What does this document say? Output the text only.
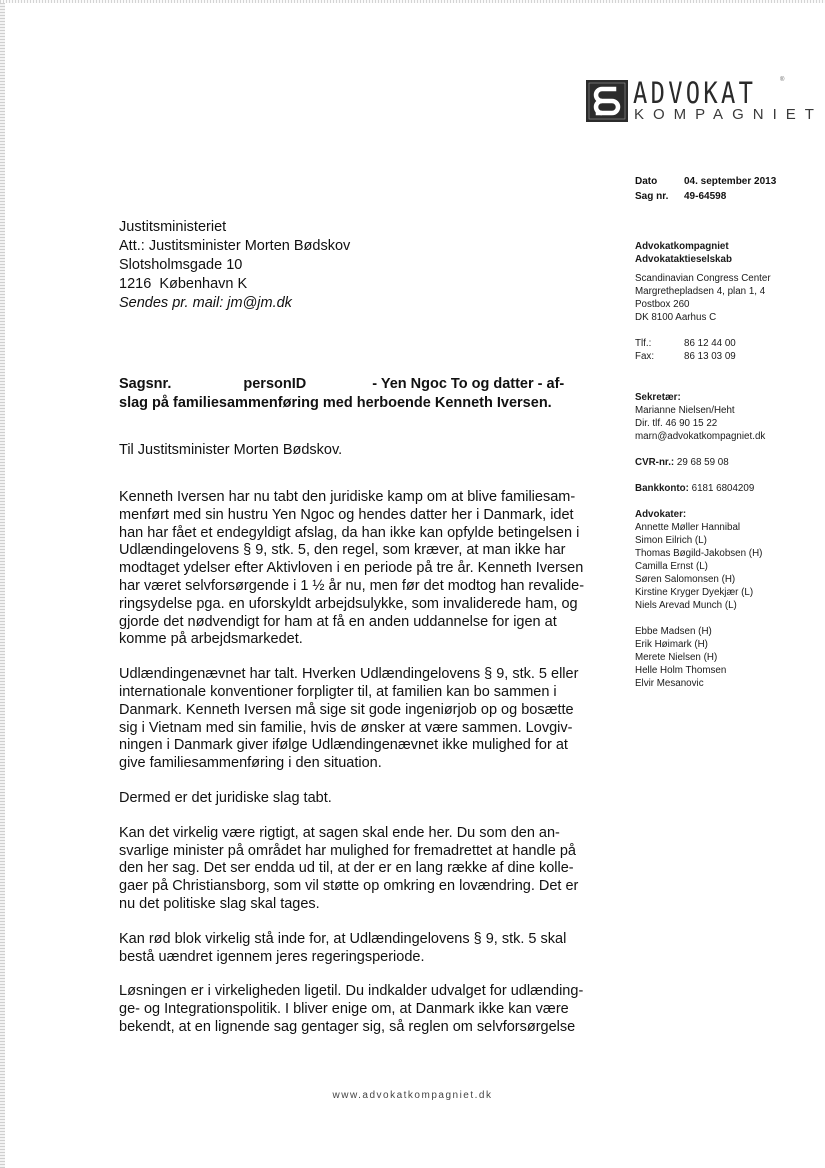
ADVOKAT
KOMPAGNIET
®
Dato	04. september 2013
Sag nr. 49-64598
Advokatkompagniet
Advokataktieselskab
Scandinavian Congress Center
Margrethepladsen 4, plan 1, 4
Postbox 260
DK 8100 Aarhus C
Tlf.:	86 12 44 00
Fax:	86 13 03 09
Sekretær:
Marianne Nielsen/Heht
Dir. tlf. 46 90 15 22
marn@advokatkompagniet.dk
CVR-nr.: 29 68 59 08
Bankkonto: 6181 6804209
Advokater:
Annette Møller Hannibal
Simon Eilrich (L)
Thomas Bøgild-Jakobsen (H)
Camilla Ernst (L)
Søren Salomonsen (H)
Kirstine Kryger Dyekjær (L)
Niels Arevad Munch (L)
Ebbe Madsen (H)
Erik Høimark (H)
Merete Nielsen (H)
Helle Holm Thomsen
Elvir Mesanovic
Justitsministeriet
Att.: Justitsminister Morten Bødskov
Slotsholmsgade 10
1216  København K
Sendes pr. mail: jm@jm.dk
Sagsnr.	personID	- Yen Ngoc To og datter - af-
slag på familiesammenføring med herboende Kenneth Iversen.
Til Justitsminister Morten Bødskov.

Kenneth Iversen har nu tabt den juridiske kamp om at blive familiesam-
menført med sin hustru Yen Ngoc og hendes datter her i Danmark, idet
han har fået et endegyldigt afslag, da han ikke kan opfylde betingelsen i
Udlændingelovens § 9, stk. 5, den regel, som kræver, at man ikke har
modtaget ydelser efter Aktivloven i en periode på tre år. Kenneth Iversen
har været selvforsørgende i 1 ½ år nu, men før det modtog han revalide-
ringsydelse pga. en uforskyldt arbejdsulykke, som invaliderede ham, og
gjorde det nødvendigt for ham at få en anden uddannelse for igen at
komme på arbejdsmarkedet.

Udlændingenævnet har talt. Hverken Udlændingelovens § 9, stk. 5 eller
internationale konventioner forpligter til, at familien kan bo sammen i
Danmark. Kenneth Iversen må sige sit gode ingeniørjob op og bosætte
sig i Vietnam med sin familie, hvis de ønsker at være sammen. Lovgiv-
ningen i Danmark giver ifølge Udlændingenævnet ikke mulighed for at
give familiesammenføring i den situation.

Dermed er det juridiske slag tabt.

Kan det virkelig være rigtigt, at sagen skal ende her. Du som den an-
svarlige minister på området har mulighed for fremadrettet at handle på
den her sag. Det ser endda ud til, at der er en lang række af dine kolle-
gaer på Christiansborg, som vil støtte op omkring en lovændring. Det er
nu det politiske slag skal tages.

Kan rød blok virkelig stå inde for, at Udlændingelovens § 9, stk. 5 skal
bestå uændret igennem jeres regeringsperiode.

Løsningen er i virkeligheden ligetil. Du indkalder udvalget for udlænding-
ge- og Integrationspolitik. I bliver enige om, at Danmark ikke kan være
bekendt, at en lignende sag gentager sig, så reglen om selvforsørgelse

www.advokatkompagniet.dk
